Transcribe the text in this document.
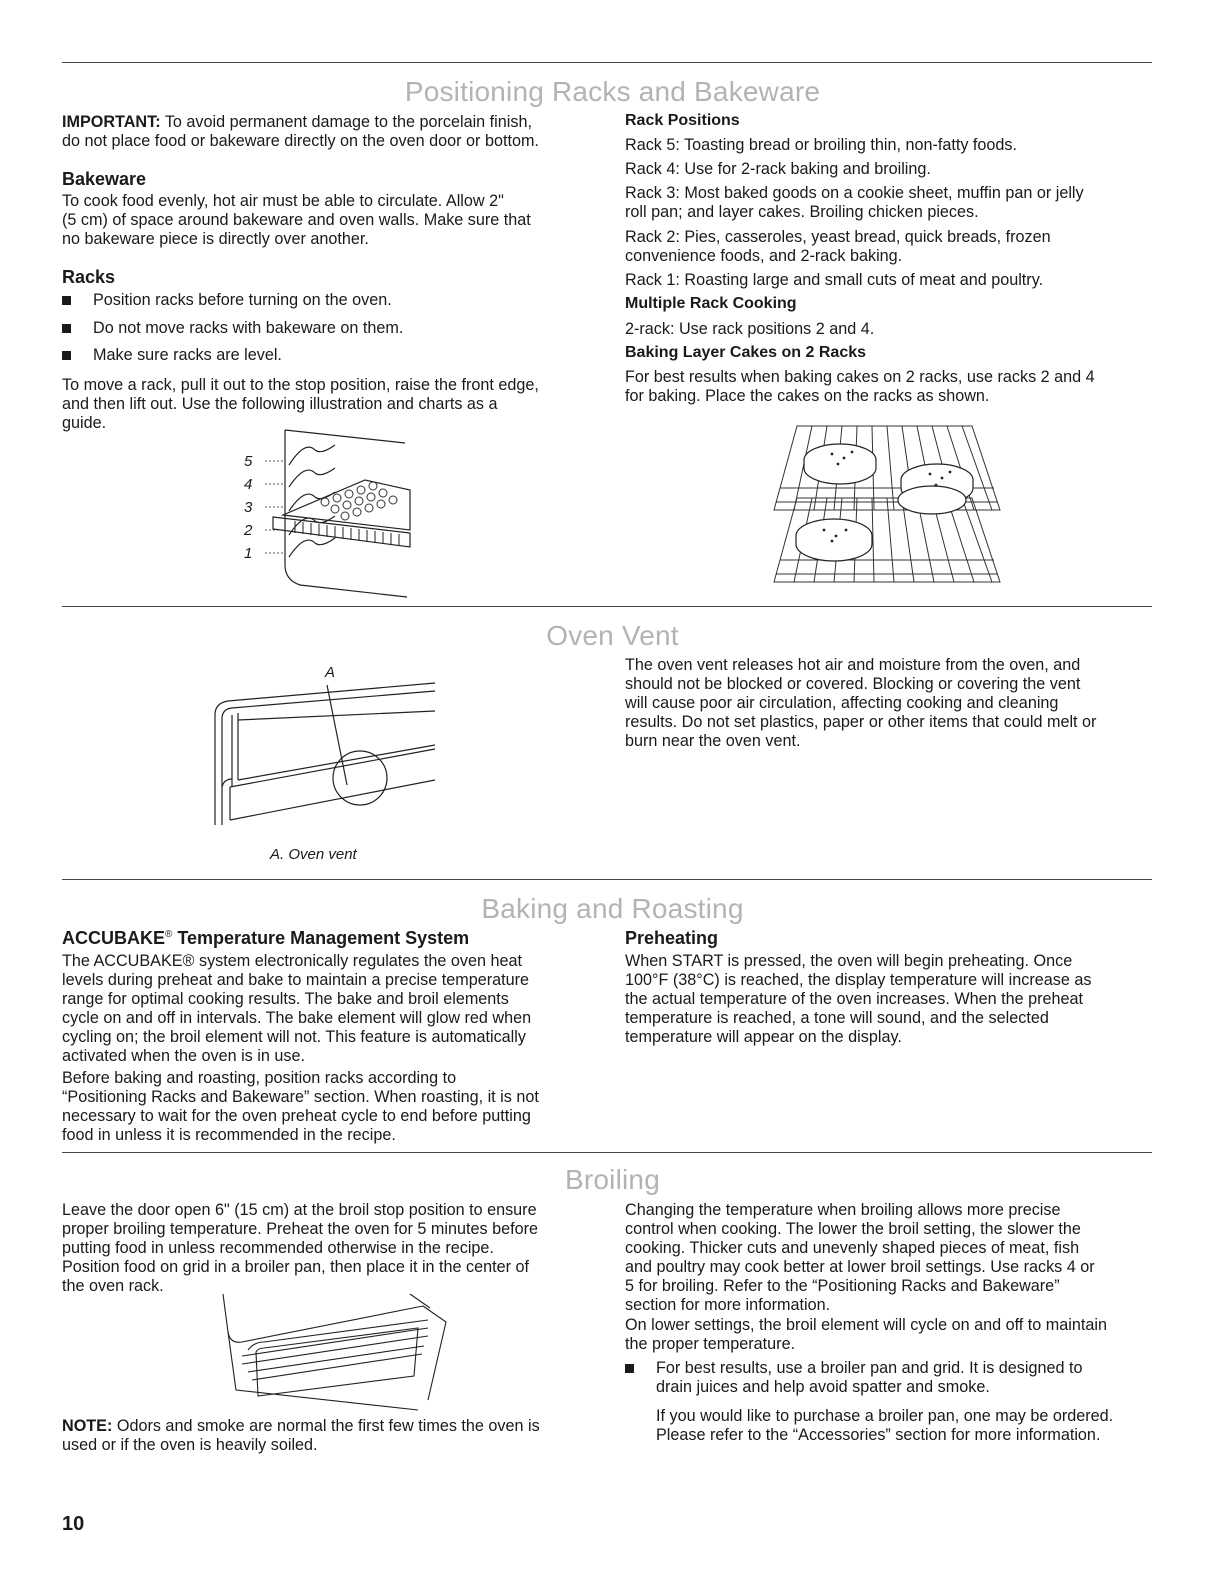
Positioning Racks and Bakeware
IMPORTANT: To avoid permanent damage to the porcelain finish,
do not place food or bakeware directly on the oven door or bottom.
Bakeware
To cook food evenly, hot air must be able to circulate. Allow 2"
(5 cm) of space around bakeware and oven walls. Make sure that
no bakeware piece is directly over another.
Racks
Position racks before turning on the oven.
Do not move racks with bakeware on them.
Make sure racks are level.
To move a rack, pull it out to the stop position, raise the front edge,
and then lift out. Use the following illustration and charts as a
guide.
5
4
3
2
1
Rack Positions
Rack 5: Toasting bread or broiling thin, non-fatty foods.
Rack 4: Use for 2-rack baking and broiling.
Rack 3: Most baked goods on a cookie sheet, muffin pan or jelly
roll pan; and layer cakes. Broiling chicken pieces.
Rack 2: Pies, casseroles, yeast bread, quick breads, frozen
convenience foods, and 2-rack baking.
Rack 1: Roasting large and small cuts of meat and poultry.
Multiple Rack Cooking
2-rack: Use rack positions 2 and 4.
Baking Layer Cakes on 2 Racks
For best results when baking cakes on 2 racks, use racks 2 and 4
for baking. Place the cakes on the racks as shown.
Oven Vent
A
A. Oven vent
The oven vent releases hot air and moisture from the oven, and
should not be blocked or covered. Blocking or covering the vent
will cause poor air circulation, affecting cooking and cleaning
results. Do not set plastics, paper or other items that could melt or
burn near the oven vent.
Baking and Roasting
ACCUBAKE® Temperature Management System
The ACCUBAKE® system electronically regulates the oven heat
levels during preheat and bake to maintain a precise temperature
range for optimal cooking results. The bake and broil elements
cycle on and off in intervals. The bake element will glow red when
cycling on; the broil element will not. This feature is automatically
activated when the oven is in use.
Before baking and roasting, position racks according to
“Positioning Racks and Bakeware” section. When roasting, it is not
necessary to wait for the oven preheat cycle to end before putting
food in unless it is recommended in the recipe.
Preheating
When START is pressed, the oven will begin preheating. Once
100°F (38°C) is reached, the display temperature will increase as
the actual temperature of the oven increases. When the preheat
temperature is reached, a tone will sound, and the selected
temperature will appear on the display.
Broiling
Leave the door open 6" (15 cm) at the broil stop position to ensure
proper broiling temperature. Preheat the oven for 5 minutes before
putting food in unless recommended otherwise in the recipe.
Position food on grid in a broiler pan, then place it in the center of
the oven rack.
NOTE: Odors and smoke are normal the first few times the oven is
used or if the oven is heavily soiled.
Changing the temperature when broiling allows more precise
control when cooking. The lower the broil setting, the slower the
cooking. Thicker cuts and unevenly shaped pieces of meat, fish
and poultry may cook better at lower broil settings. Use racks 4 or
5 for broiling. Refer to the “Positioning Racks and Bakeware”
section for more information.
On lower settings, the broil element will cycle on and off to maintain
the proper temperature.
For best results, use a broiler pan and grid. It is designed to
drain juices and help avoid spatter and smoke.
If you would like to purchase a broiler pan, one may be ordered.
Please refer to the “Accessories” section for more information.
10
